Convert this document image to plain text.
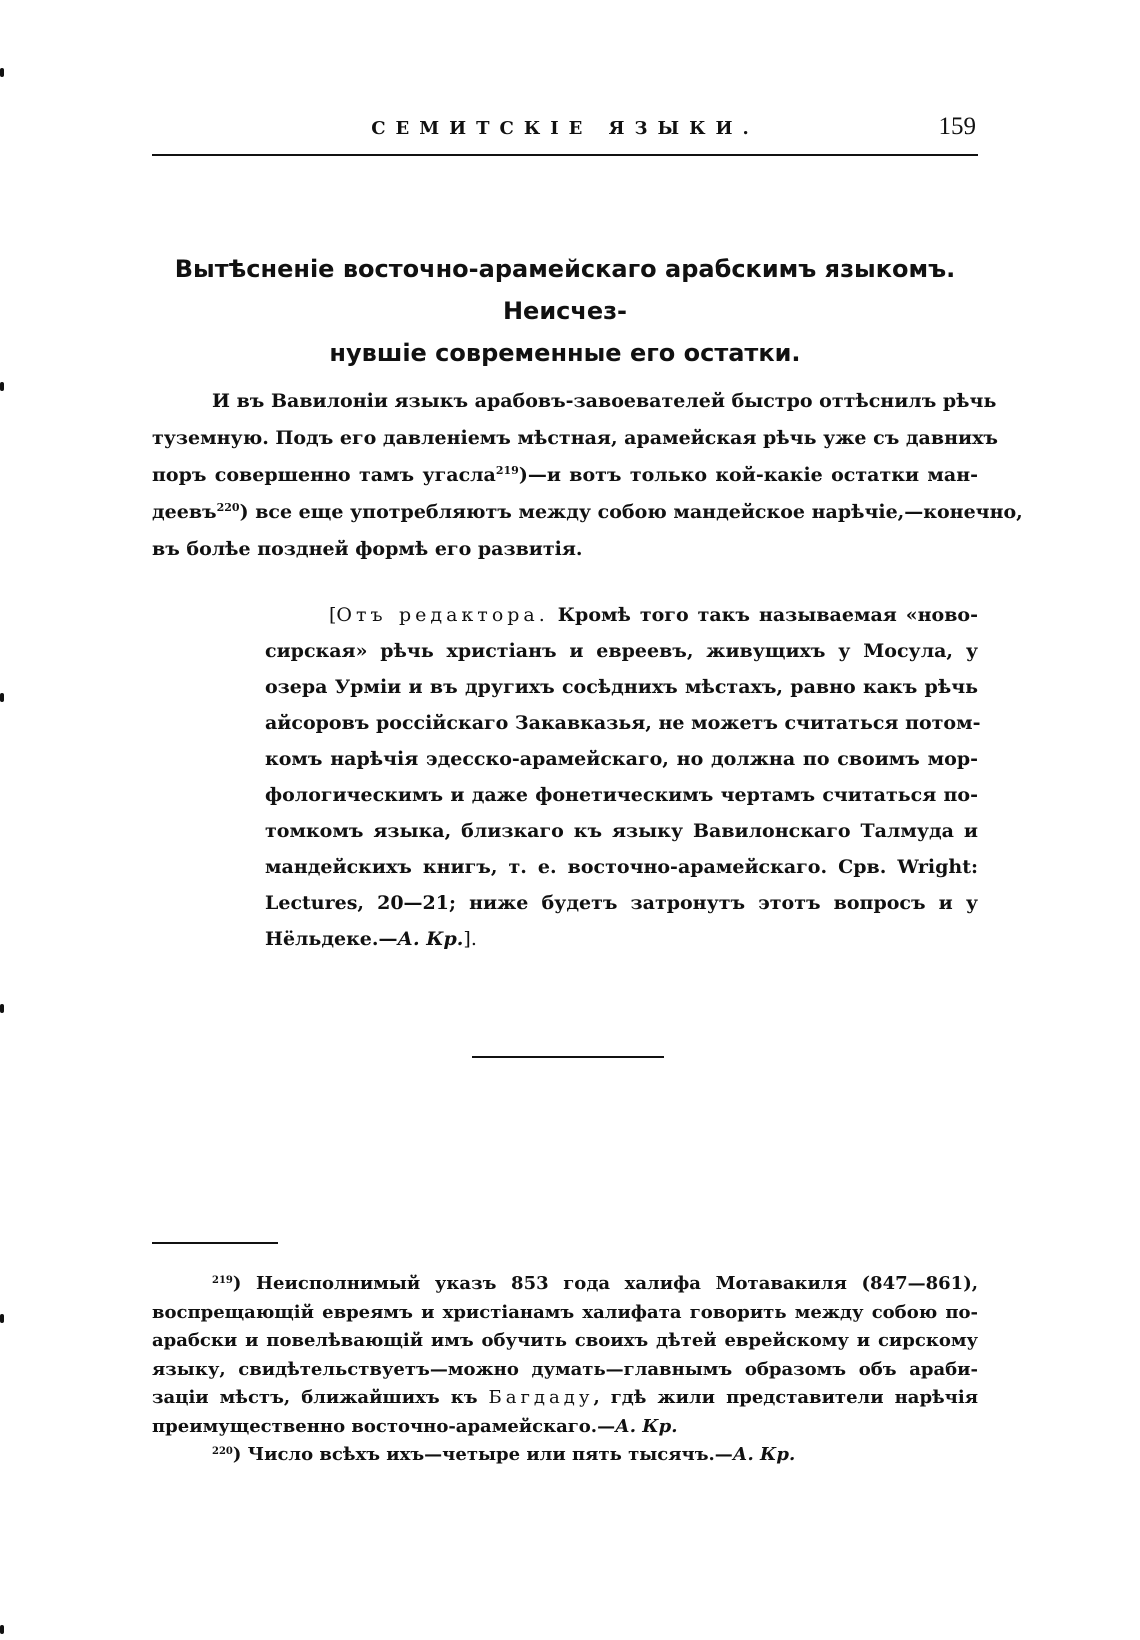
СЕМИТСКІЕ ЯЗЫКИ.	159
Вытѣсненіе восточно-арамейскаго арабскимъ языкомъ. Неисчез-
нувшіе современные его остатки.
И въ Вавилоніи языкъ арабовъ-завоевателей быстро оттѣснилъ рѣчь
туземную. Подъ его давленіемъ мѣстная, арамейская рѣчь уже съ давнихъ
поръ совершенно тамъ угасла$^{219}$)—и вотъ только кой-какіе остатки ман-
деевъ$^{220}$) все еще употребляютъ между собою мандейское нарѣчіе,—конечно,
въ болѣе поздней формѣ его развитія.
[Отъ редактора. Кромѣ того такъ называемая «ново-
сирская» рѣчь христіанъ и евреевъ, живущихъ у Мосула, у
озера Урміи и въ другихъ сосѣднихъ мѣстахъ, равно какъ рѣчь
айсоровъ россійскаго Закавказья, не можетъ считаться потом-
комъ нарѣчія эдесско-арамейскаго, но должна по своимъ мор-
фологическимъ и даже фонетическимъ чертамъ считаться по-
томкомъ языка, близкаго къ языку Вавилонскаго Талмуда и
мандейскихъ книгъ, т. е. восточно-арамейскаго. Срв. Wright:
Lectures, 20—21; ниже будетъ затронутъ этотъ вопросъ и у
Нёльдеке.—А. Кр.].
$^{219}$) Неисполнимый указъ 853 года халифа Мотавакиля (847—861),
воспрещающій евреямъ и христіанамъ халифата говорить между собою по-
арабски и повелѣвающій имъ обучить своихъ дѣтей еврейскому и сирскому
языку, свидѣтельствуетъ—можно думать—главнымъ образомъ объ араби-
заціи мѣстъ, ближайшихъ къ Багдаду, гдѣ жили представители нарѣчія
преимущественно восточно-арамейскаго.—А. Кр.
$^{220}$) Число всѣхъ ихъ—четыре или пять тысячъ.—А. Кр.
